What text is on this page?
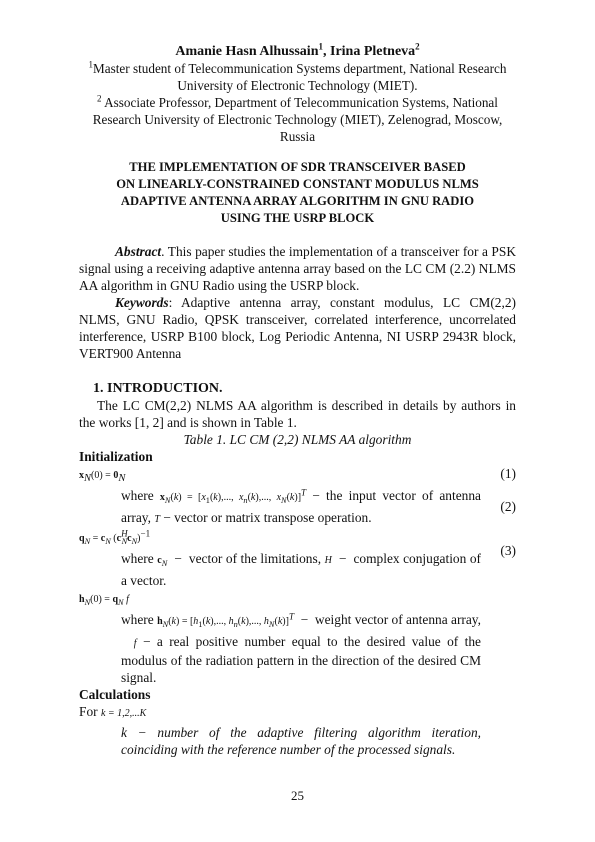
Amanie Hasn Alhussain$^1$, Irina Pletneva$^2$
$^1$Master student of Telecommunication Systems department, National Research University of Electronic Technology (MIET).
$^2$ Associate Professor, Department of Telecommunication Systems, National Research University of Electronic Technology (MIET), Zelenograd, Moscow, Russia
THE IMPLEMENTATION OF SDR TRANSCEIVER BASED
ON LINEARLY-CONSTRAINED CONSTANT MODULUS NLMS
ADAPTIVE ANTENNA ARRAY ALGORITHM IN GNU RADIO
USING THE USRP BLOCK
Abstract. This paper studies the implementation of a transceiver for a PSK signal using a receiving adaptive antenna array based on the LC CM (2.2) NLMS AA algorithm in GNU Radio using the USRP block.
Keywords: Adaptive antenna array, constant modulus, LC CM(2,2) NLMS, GNU Radio, QPSK transceiver, correlated interference, uncorrelated interference, USRP B100 block, Log Periodic Antenna, NI USRP 2943R block, VERT900 Antenna
1. INTRODUCTION.
The LC CM(2,2) NLMS AA algorithm is described in details by authors in the works [1, 2] and is shown in Table 1.
Table 1. LC CM (2,2) NLMS AA algorithm
Initialization
$x_N(0) = 0_N$	(1)
where $x_N(k) = [x_1(k)$,..., $x_n(k)$,..., $x_N(k)]^T$ − the input vector of antenna array, T − vector or matrix transpose operation.
$q_N = c_N$ $(c^H_Nc_N)^{-1}$
(2)
where $c_N$  −  vector of the limitations, H  −  complex conjugation of a vector.
(3)
$h_N(0) = q_N$ f
where $h_N(k) = [h_1(k)$,..., $h_n(k)$,..., $h_N(k)]^T$  −  weight vector of antenna array,   f − a real positive number equal to the desired value of the modulus of the radiation pattern in the direction of the desired CM signal.
Calculations
For k = 1,2,...K
k − number of the adaptive filtering algorithm iteration, coinciding with the reference number of the processed signals.
25
